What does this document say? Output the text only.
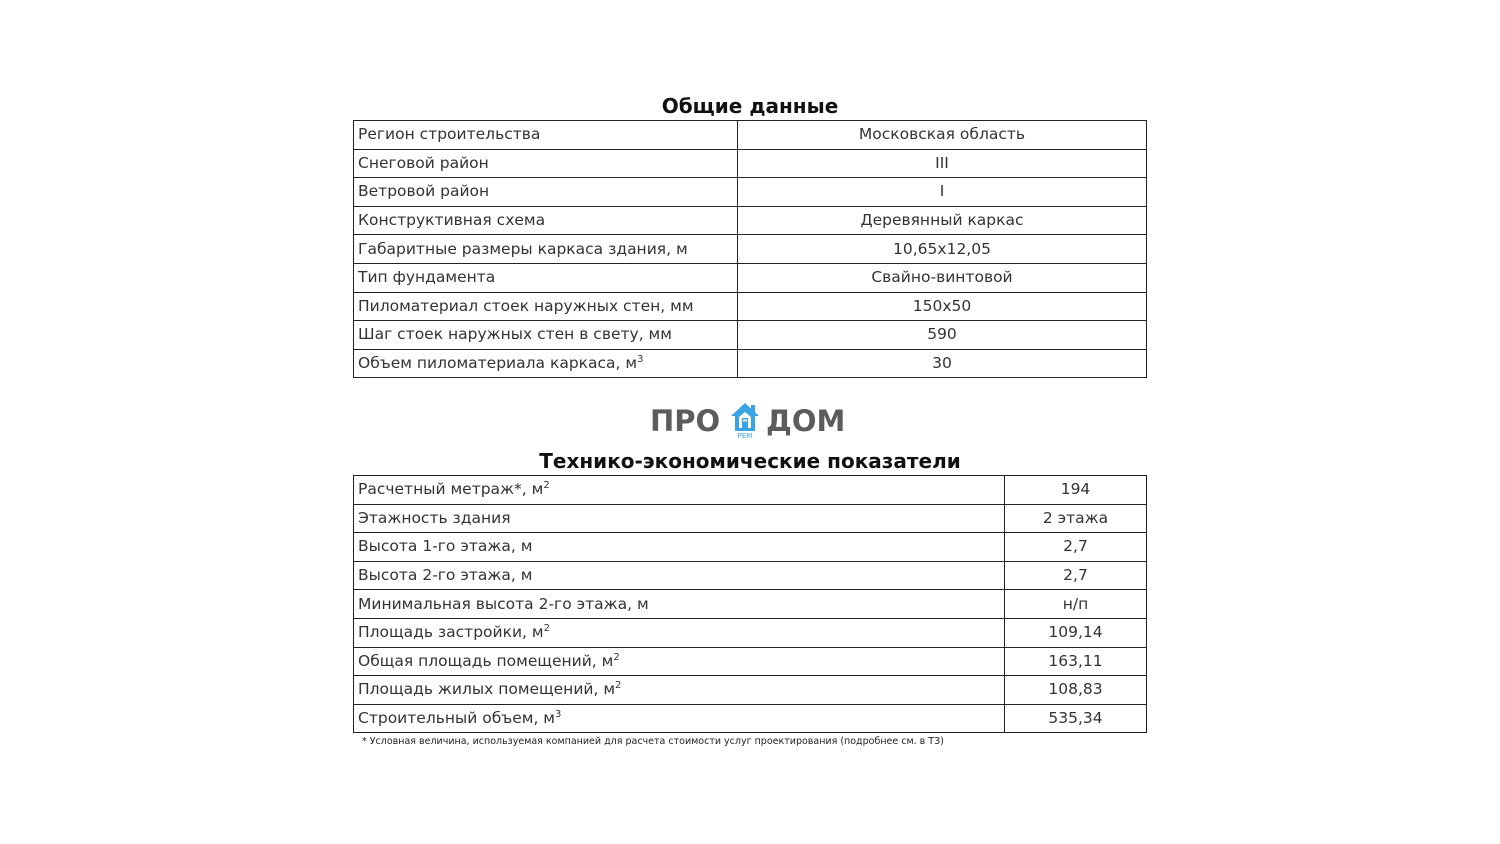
Общие данные
Регион строительства	Московская область
Снеговой район	III
Ветровой район	I
Конструктивная схема	Деревянный каркас
Габаритные размеры каркаса здания, м	10,65х12,05
Тип фундамента	Свайно-винтовой
Пиломатериал стоек наружных стен, мм	150х50
Шаг стоек наружных стен в свету, мм	590
Объем пиломатериала каркаса, $м^3$	30
ПРО	РЕМ ДОМ
Технико-экономические показатели
Расчетный метраж*, $м^2$	194
Этажность здания	2 этажа
Высота 1-го этажа, м	2,7
Высота 2-го этажа, м	2,7
Минимальная высота 2-го этажа, м	н/п
Площадь застройки, $м^2$	109,14
Общая площадь помещений, $м^2$	163,11
Площадь жилых помещений, $м^2$	108,83
Строительный объем, $м^3$	535,34
* Условная величина, используемая компанией для расчета стоимости услуг проектирования (подробнее см. в ТЗ)
